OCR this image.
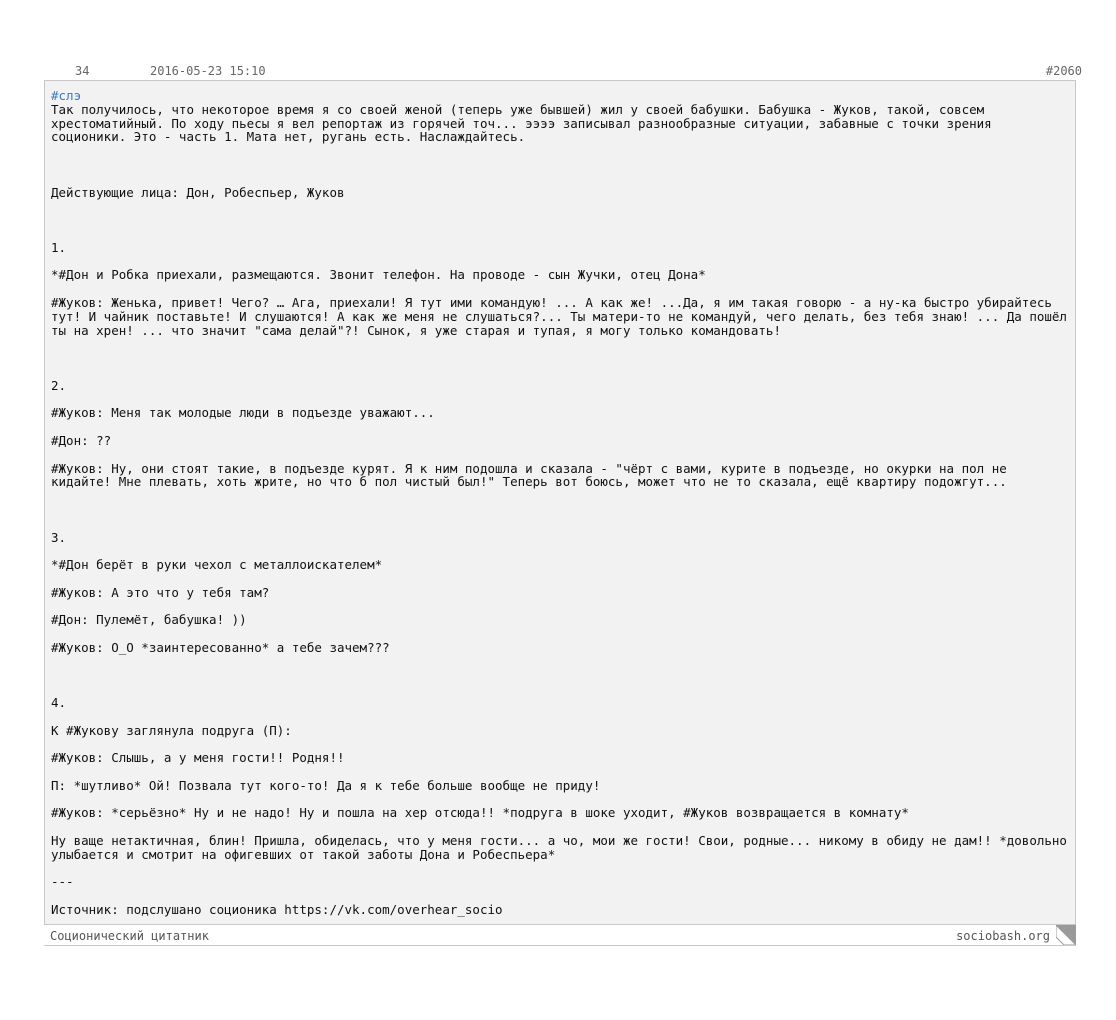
34	2016-05-23 15:10	#2060
#слэ

Так получилось, что некоторое время я со своей женой (теперь уже бывшей) жил у своей бабушки. Бабушка - Жуков, такой, совсем хрестоматийный. По ходу пьесы я вел репортаж из горячей точ... ээээ записывал разнообразные ситуации, забавные с точки зрения соционики. Это - часть 1. Мата нет, ругань есть. Наслаждайтесь.

Действующие лица: Дон, Робеспьер, Жуков

1.

*#Дон и Робка приехали, размещаются. Звонит телефон. На проводе - сын Жучки, отец Дона*

#Жуков: Женька, привет! Чего? … Ага, приехали! Я тут ими командую! ... А как же! ...Да, я им такая говорю - а ну-ка быстро убирайтесь тут! И чайник поставьте! И слушаются! А как же меня не слушаться?... Ты матери-то не командуй, чего делать, без тебя знаю! ... Да пошёл ты на хрен! ... что значит "сама делай"?! Сынок, я уже старая и тупая, я могу только командовать!

2.

#Жуков: Меня так молодые люди в подъезде уважают...

#Дон: ??

#Жуков: Ну, они стоят такие, в подъезде курят. Я к ним подошла и сказала - "чёрт с вами, курите в подъезде, но окурки на пол не кидайте! Мне плевать, хоть жрите, но что б пол чистый был!" Теперь вот боюсь, может что не то сказала, ещё квартиру подожгут...

3.

*#Дон берёт в руки чехол с металлоискателем*

#Жуков: А это что у тебя там?

#Дон: Пулемёт, бабушка! ))

#Жуков: O_O *заинтересованно* а тебе зачем???

4.

К #Жукову заглянула подруга (П):

#Жуков: Слышь, а у меня гости!! Родня!!

П: *шутливо* Ой! Позвала тут кого-то! Да я к тебе больше вообще не приду!

#Жуков: *серьёзно* Ну и не надо! Ну и пошла на хер отсюда!! *подруга в шоке уходит, #Жуков возвращается в комнату*

Ну ваще нетактичная, блин! Пришла, обиделась, что у меня гости... а чо, мои же гости! Свои, родные... никому в обиду не дам!! *довольно улыбается и смотрит на офигевших от такой заботы Дона и Робеспьера*

---

Источник: подслушано соционика https://vk.com/overhear_socio

Соционический цитатник	sociobash.org
